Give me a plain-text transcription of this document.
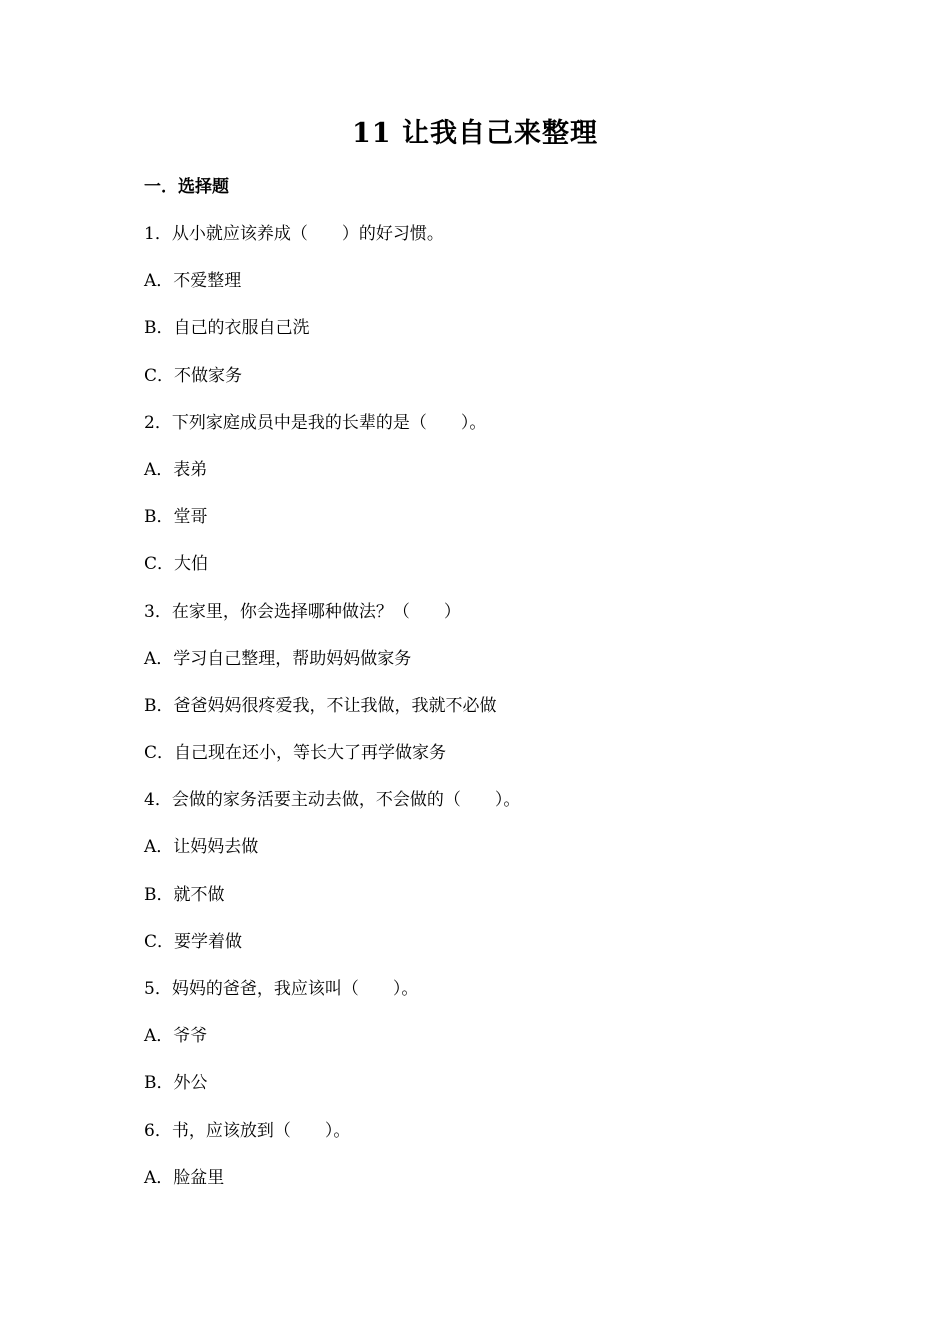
11 让我自己来整理
一．选择题
1．从小就应该养成（　　）的好习惯。
A．不爱整理
B．自己的衣服自己洗
C．不做家务
2．下列家庭成员中是我的长辈的是（　　）。
A．表弟
B．堂哥
C．大伯
3．在家里，你会选择哪种做法？（　　）
A．学习自己整理，帮助妈妈做家务
B．爸爸妈妈很疼爱我，不让我做，我就不必做
C．自己现在还小，等长大了再学做家务
4．会做的家务活要主动去做，不会做的（　　）。
A．让妈妈去做
B．就不做
C．要学着做
5．妈妈的爸爸，我应该叫（　　）。
A．爷爷
B．外公
6．书，应该放到（　　）。
A．脸盆里
